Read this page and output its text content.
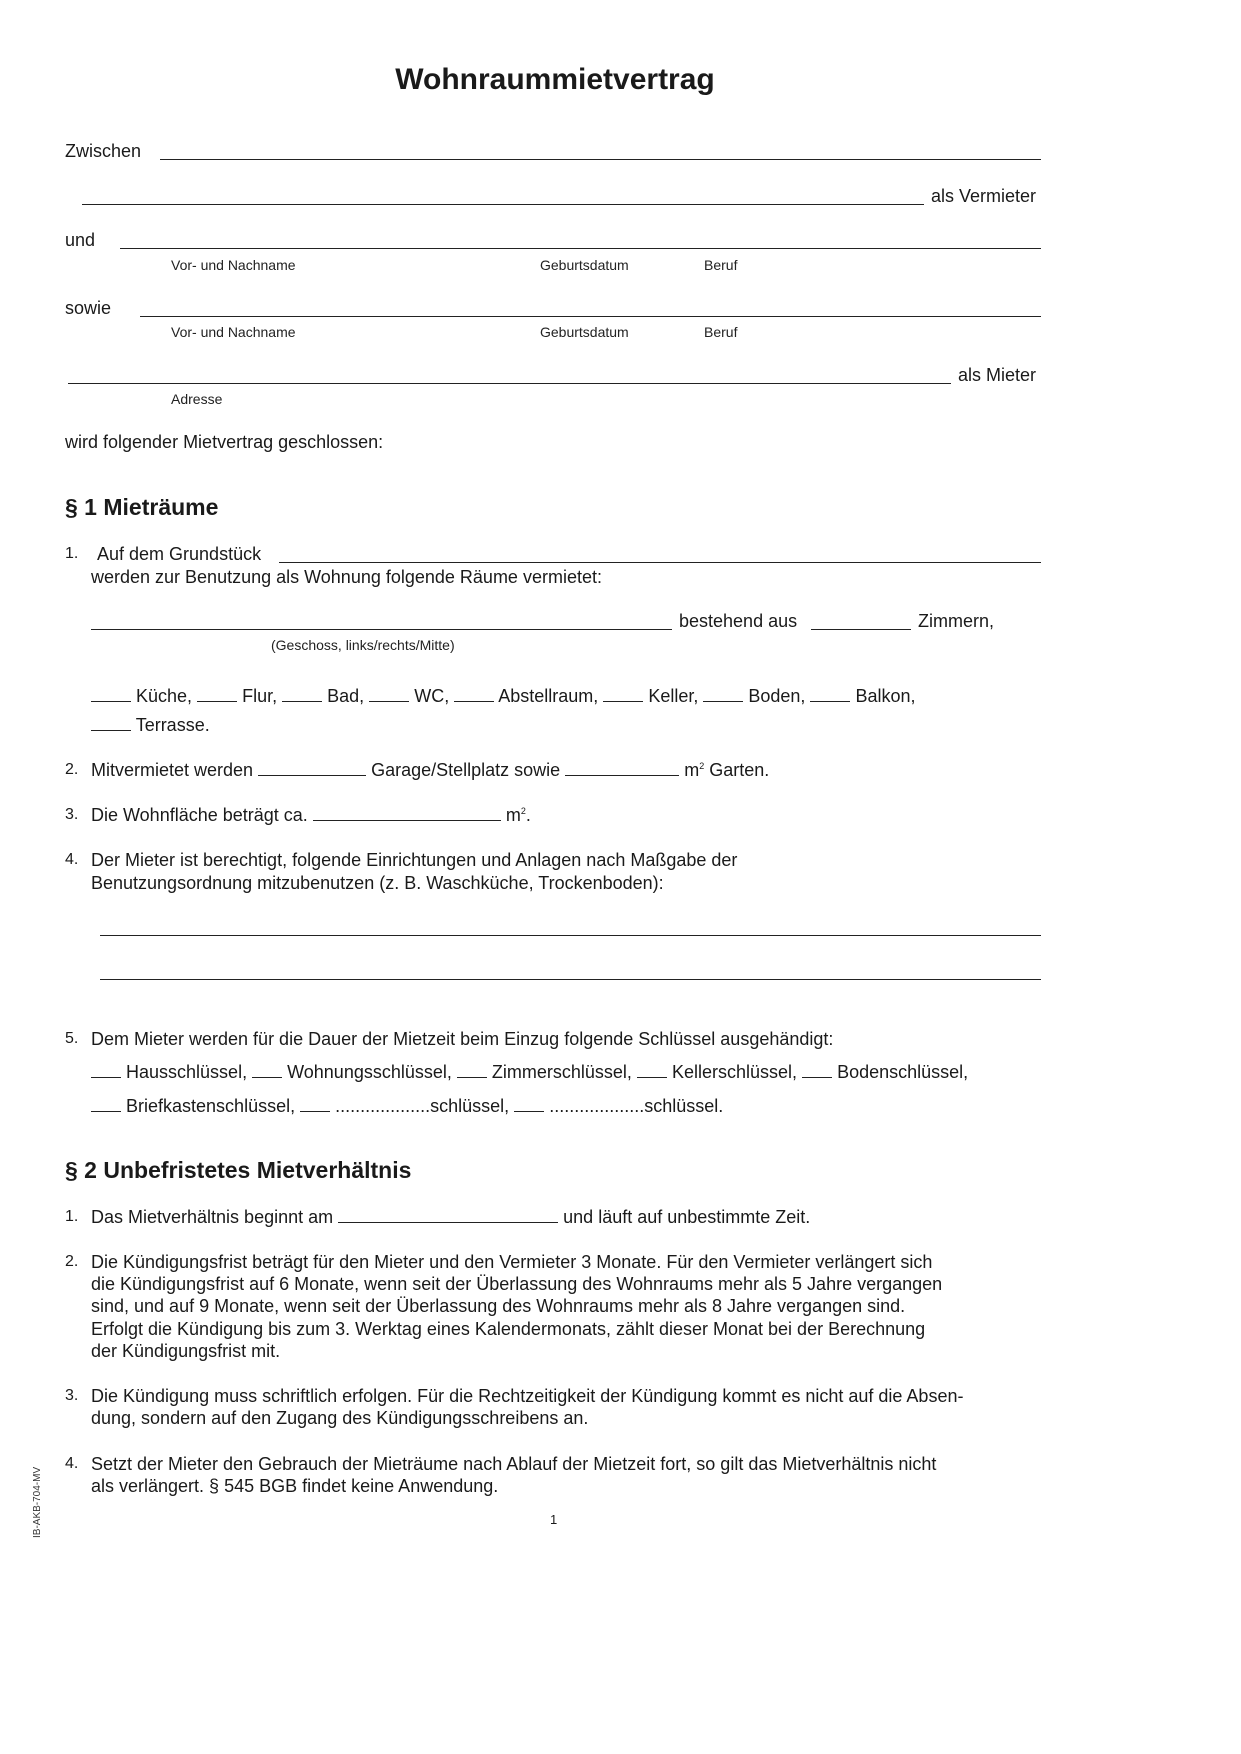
Wohnraummietvertrag
Zwischen
als Vermieter
und
Vor- und Nachname	Geburtsdatum	Beruf
sowie
Vor- und Nachname	Geburtsdatum	Beruf
als Mieter
Adresse
wird folgender Mietvertrag geschlossen:
§ 1 Mieträume
1. Auf dem Grundstück
werden zur Benutzung als Wohnung folgende Räume vermietet:
bestehend aus	Zimmern,
(Geschoss, links/rechts/Mitte)
Küche,	Flur,	Bad,	WC,	Abstellraum,	Keller,	Boden,	Balkon,
Terrasse.
2. Mitvermietet werden	Garage/Stellplatz sowie	$m^2$ Garten.
3. Die Wohnfläche beträgt ca.	$m^2$.
4. Der Mieter ist berechtigt, folgende Einrichtungen und Anlagen nach Maßgabe der
Benutzungsordnung mitzubenutzen (z. B. Waschküche, Trockenboden):
5. Dem Mieter werden für die Dauer der Mietzeit beim Einzug folgende Schlüssel ausgehändigt:
Hausschlüssel, Wohnungsschlüssel, Zimmerschlüssel, Kellerschlüssel, Bodenschlüssel,
Briefkastenschlüssel, ...................schlüssel, ...................schlüssel.
§ 2 Unbefristetes Mietverhältnis
1. Das Mietverhältnis beginnt am	und läuft auf unbestimmte Zeit.
2. Die Kündigungsfrist beträgt für den Mieter und den Vermieter 3 Monate. Für den Vermieter verlängert sich
die Kündigungsfrist auf 6 Monate, wenn seit der Überlassung des Wohnraums mehr als 5 Jahre vergangen
sind, und auf 9 Monate, wenn seit der Überlassung des Wohnraums mehr als 8 Jahre vergangen sind.
Erfolgt die Kündigung bis zum 3. Werktag eines Kalendermonats, zählt dieser Monat bei der Berechnung
der Kündigungsfrist mit.
3. Die Kündigung muss schriftlich erfolgen. Für die Rechtzeitigkeit der Kündigung kommt es nicht auf die Absen-
dung, sondern auf den Zugang des Kündigungsschreibens an.
4. Setzt der Mieter den Gebrauch der Mieträume nach Ablauf der Mietzeit fort, so gilt das Mietverhältnis nicht
als verlängert. § 545 BGB findet keine Anwendung.
1
IB-AKB-704-MV
